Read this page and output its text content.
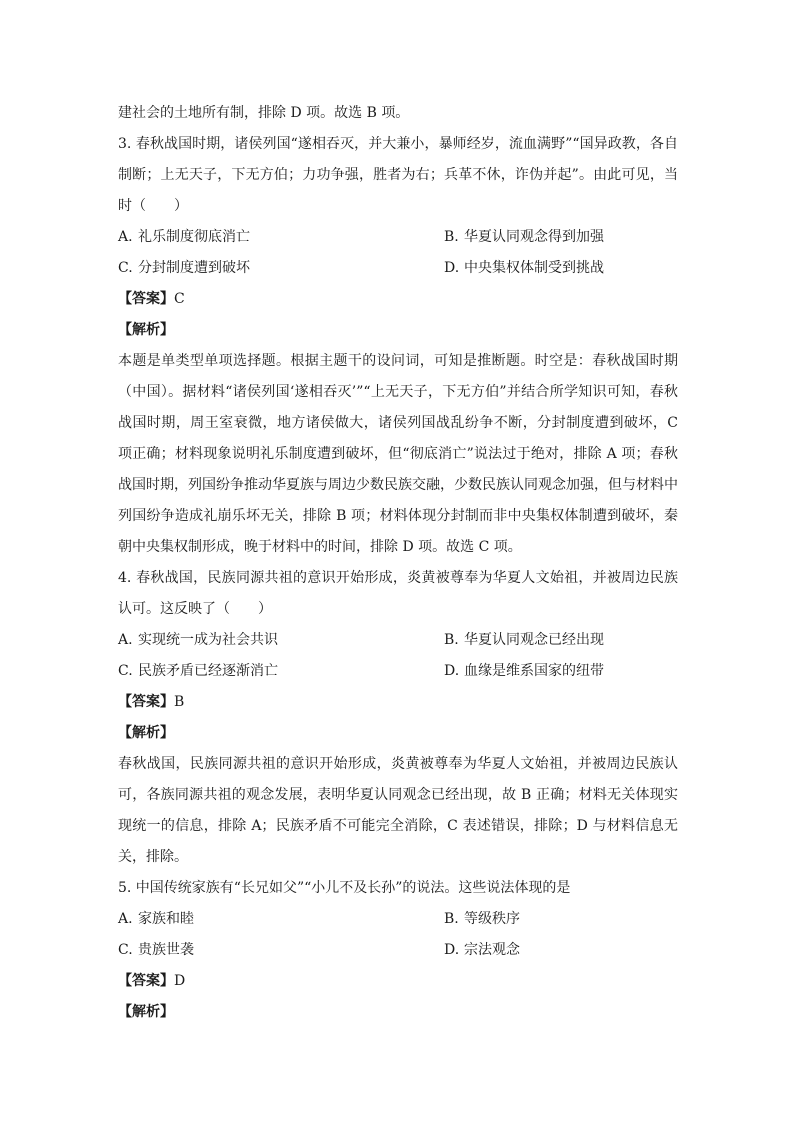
建社会的土地所有制，排除 D 项。故选 B 项。
3. 春秋战国时期，诸侯列国“遂相吞灭，并大兼小，暴师经岁，流血满野”“国异政教，各自制断；上无天子，下无方伯；力功争强，胜者为右；兵革不休，诈伪并起”。由此可见，当时（　　）
A. 礼乐制度彻底消亡	B. 华夏认同观念得到加强
C. 分封制度遭到破坏	D. 中央集权体制受到挑战
【答案】C
【解析】
本题是单类型单项选择题。根据主题干的设问词，可知是推断题。时空是：春秋战国时期（中国）。据材料“诸侯列国‘遂相吞灭’”“上无天子，下无方伯”并结合所学知识可知，春秋战国时期，周王室衰微，地方诸侯做大，诸侯列国战乱纷争不断，分封制度遭到破坏，C 项正确；材料现象说明礼乐制度遭到破坏，但“彻底消亡”说法过于绝对，排除 A 项；春秋战国时期，列国纷争推动华夏族与周边少数民族交融，少数民族认同观念加强，但与材料中列国纷争造成礼崩乐坏无关，排除 B 项；材料体现分封制而非中央集权体制遭到破坏，秦朝中央集权制形成，晚于材料中的时间，排除 D 项。故选 C 项。
4. 春秋战国，民族同源共祖的意识开始形成，炎黄被尊奉为华夏人文始祖，并被周边民族认可。这反映了（　　）
A. 实现统一成为社会共识	B. 华夏认同观念已经出现
C. 民族矛盾已经逐渐消亡	D. 血缘是维系国家的纽带
【答案】B
【解析】
春秋战国，民族同源共祖的意识开始形成，炎黄被尊奉为华夏人文始祖，并被周边民族认可，各族同源共祖的观念发展，表明华夏认同观念已经出现，故 B 正确；材料无关体现实现统一的信息，排除 A；民族矛盾不可能完全消除，C 表述错误，排除；D 与材料信息无关，排除。
5. 中国传统家族有“长兄如父”“小儿不及长孙”的说法。这些说法体现的是
A. 家族和睦	B. 等级秩序
C. 贵族世袭	D. 宗法观念
【答案】D
【解析】
